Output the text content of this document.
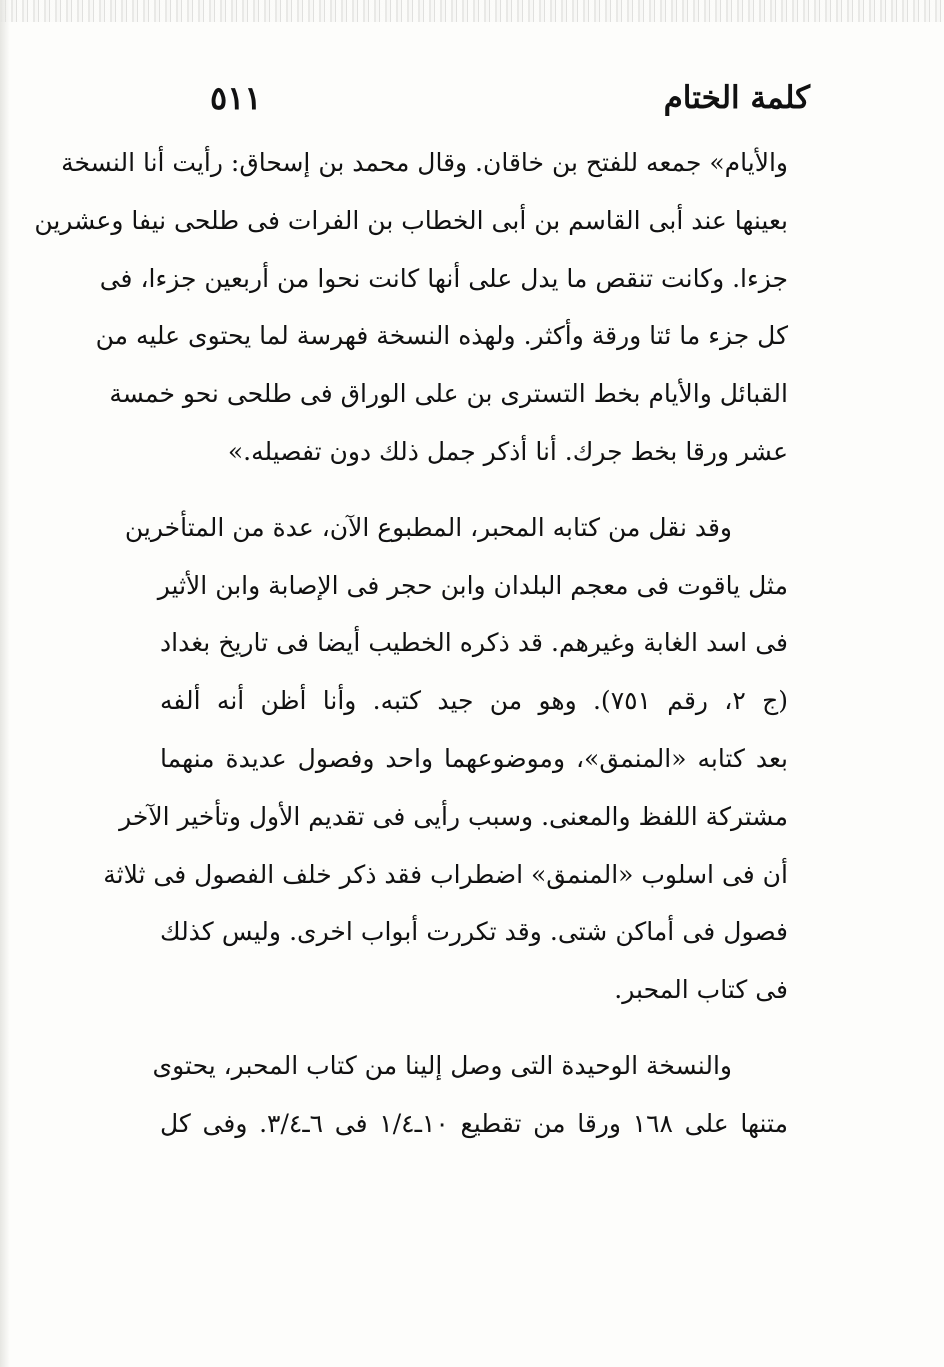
كلمة الختام
٥١١
والأيام» جمعه للفتح بن خاقان. وقال محمد بن إسحاق: رأيت أنا النسخة
بعينها عند أبى القاسم بن أبى الخطاب بن الفرات فى طلحى نيفا وعشرين
جزءا. وكانت تنقص ما يدل على أنها كانت نحوا من أربعين جزءا، فى
كل جزء ما ئتا ورقة وأكثر. ولهذه النسخة فهرسة لما يحتوى عليه من
القبائل والأيام بخط التسترى بن على الوراق فى طلحى نحو خمسة
عشر ورقا بخط جرك. أنا أذكر جمل ذلك دون تفصيله.»
وقد نقل من كتابه المحبر، المطبوع الآن، عدة من المتأخرين
مثل ياقوت فى معجم البلدان وابن حجر فى الإصابة وابن الأثير
فى اسد الغابة وغيرهم. قد ذكره الخطيب أيضا فى تاريخ بغداد
(ج ٢، رقم ٧٥١). وهو من جيد كتبه. وأنا أظن أنه ألفه
بعد كتابه «المنمق»، وموضوعهما واحد وفصول عديدة منهما
مشتركة اللفظ والمعنى. وسبب رأيى فى تقديم الأول وتأخير الآخر
أن فى اسلوب «المنمق» اضطراب فقد ذكر خلف الفصول فى ثلاثة
فصول فى أماكن شتى. وقد تكررت أبواب اخرى. وليس كذلك
فى كتاب المحبر.
والنسخة الوحيدة التى وصل إلينا من كتاب المحبر، يحتوى
متنها على ١٦٨ ورقا من تقطيع ١٠ـ١/٤ فى ٦ـ٣/٤. وفى كل
